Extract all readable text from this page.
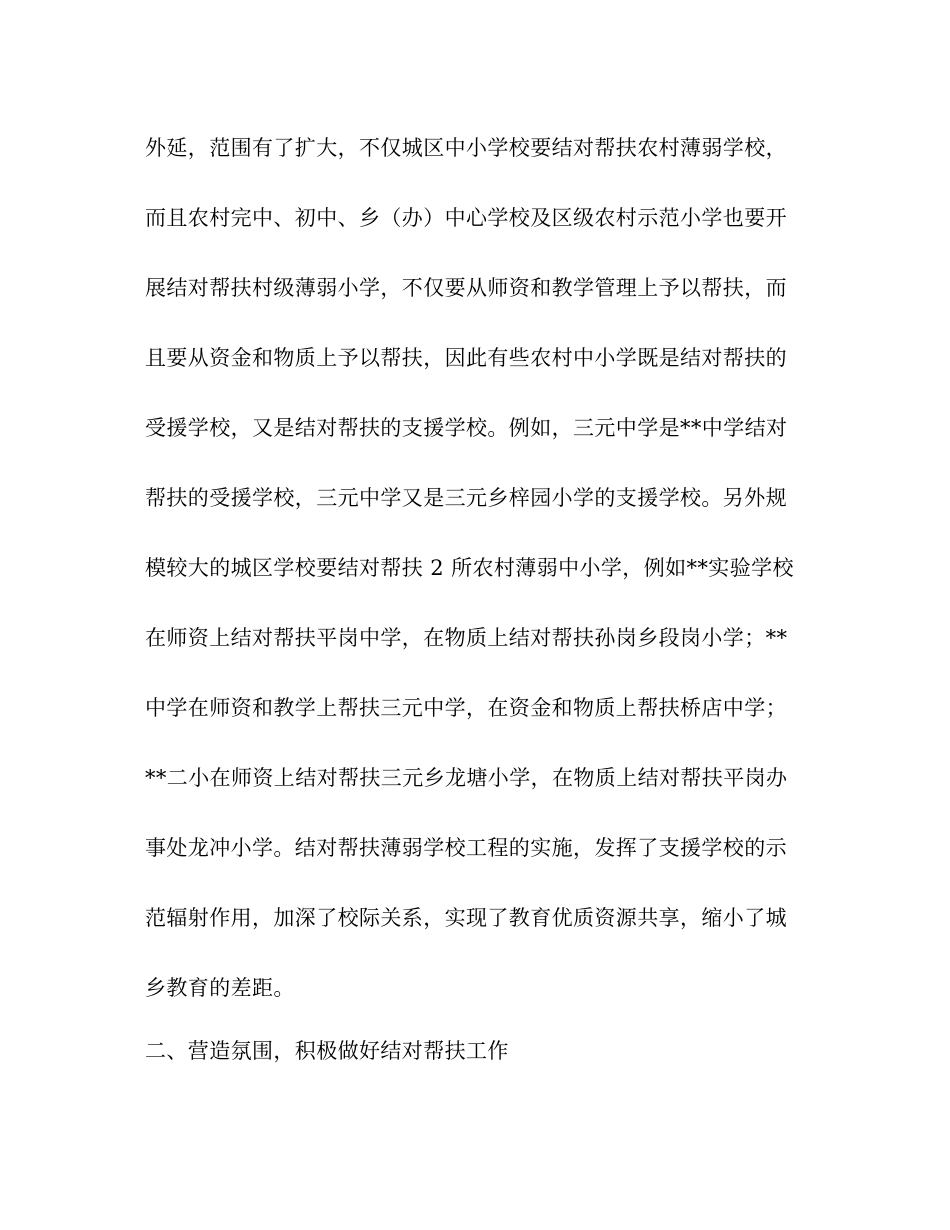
外延，范围有了扩大，不仅城区中小学校要结对帮扶农村薄弱学校，
而且农村完中、初中、乡（办）中心学校及区级农村示范小学也要开
展结对帮扶村级薄弱小学，不仅要从师资和教学管理上予以帮扶，而
且要从资金和物质上予以帮扶，因此有些农村中小学既是结对帮扶的
受援学校，又是结对帮扶的支援学校。例如，三元中学是**中学结对
帮扶的受援学校，三元中学又是三元乡梓园小学的支援学校。另外规
模较大的城区学校要结对帮扶 2 所农村薄弱中小学，例如**实验学校
在师资上结对帮扶平岗中学，在物质上结对帮扶孙岗乡段岗小学；**
中学在师资和教学上帮扶三元中学，在资金和物质上帮扶桥店中学；
**二小在师资上结对帮扶三元乡龙塘小学，在物质上结对帮扶平岗办
事处龙冲小学。结对帮扶薄弱学校工程的实施，发挥了支援学校的示
范辐射作用，加深了校际关系，实现了教育优质资源共享，缩小了城
乡教育的差距。
二、营造氛围，积极做好结对帮扶工作
